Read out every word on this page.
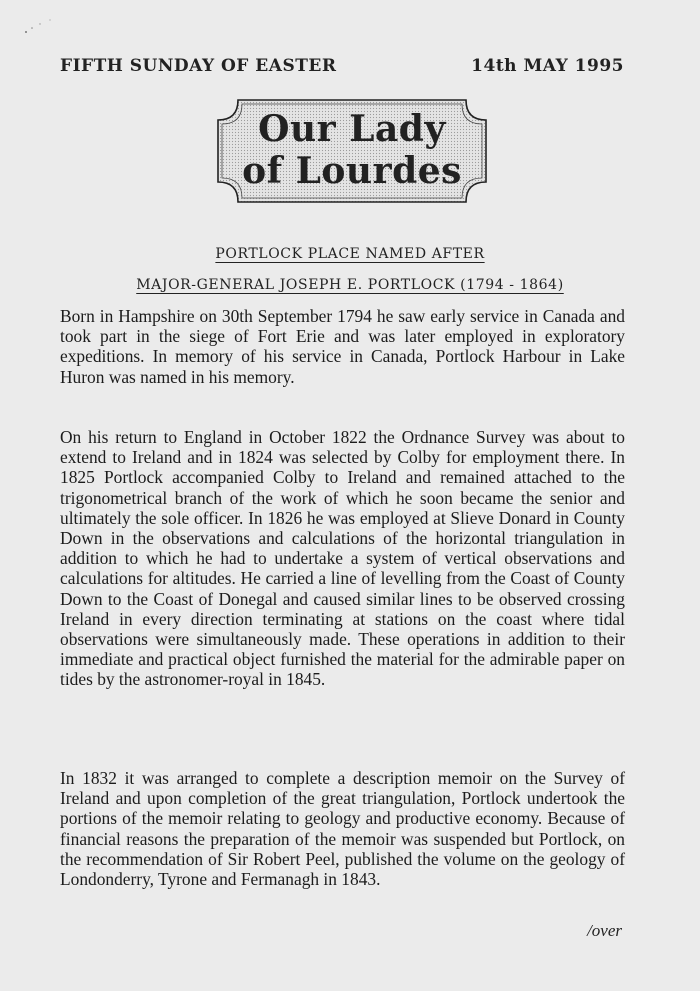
FIFTH SUNDAY OF EASTER	14th MAY 1995
Our Lady
of Lourdes
PORTLOCK PLACE NAMED AFTER
MAJOR-GENERAL JOSEPH E. PORTLOCK (1794 - 1864)
Born in Hampshire on 30th September 1794 he saw early service in Canada and took part in the siege of Fort Erie and was later employed in exploratory expeditions. In memory of his service in Canada, Portlock Harbour in Lake Huron was named in his memory.
On his return to England in October 1822 the Ordnance Survey was about to extend to Ireland and in 1824 was selected by Colby for employment there. In 1825 Portlock accompanied Colby to Ireland and remained attached to the trigonometrical branch of the work of which he soon became the senior and ultimately the sole officer. In 1826 he was employed at Slieve Donard in County Down in the observations and calculations of the horizontal triangulation in addition to which he had to undertake a system of vertical observations and calculations for altitudes. He carried a line of levelling from the Coast of County Down to the Coast of Donegal and caused similar lines to be observed crossing Ireland in every direction terminating at stations on the coast where tidal observations were simultaneously made. These operations in addition to their immediate and practical object furnished the material for the admirable paper on tides by the astronomer-royal in 1845.
In 1832 it was arranged to complete a description memoir on the Survey of Ireland and upon completion of the great triangulation, Portlock undertook the portions of the memoir relating to geology and productive economy. Because of financial reasons the preparation of the memoir was suspended but Portlock, on the recommendation of Sir Robert Peel, published the volume on the geology of Londonderry, Tyrone and Fermanagh in 1843.
/over
